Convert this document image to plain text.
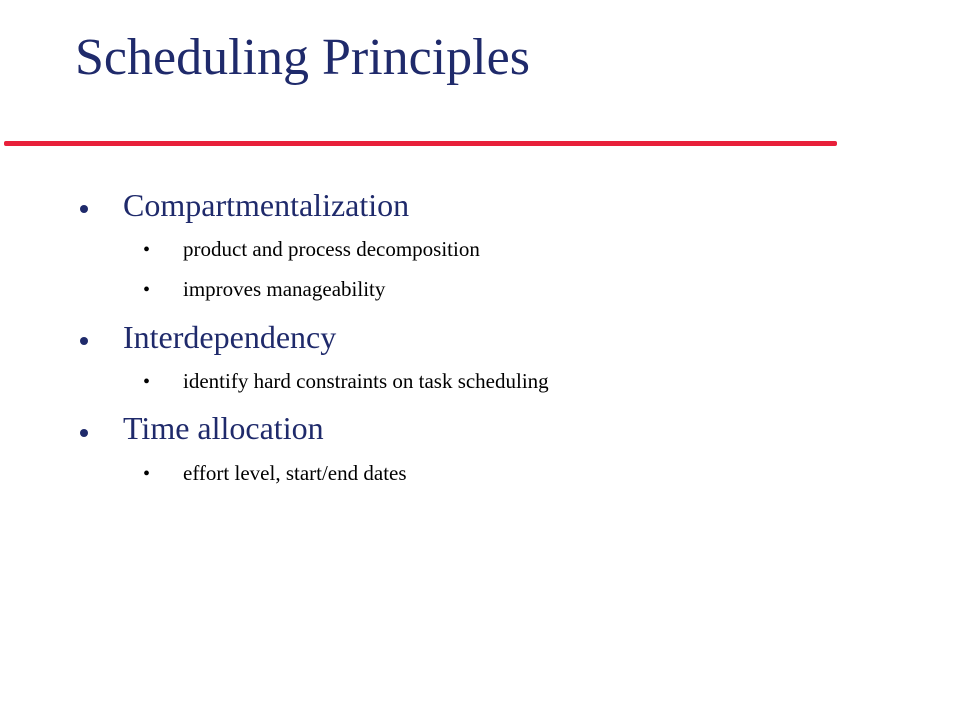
Scheduling Principles
Compartmentalization
• product and process decomposition
• improves manageability
Interdependency
• identify hard constraints on task scheduling
Time allocation
• effort level, start/end dates
